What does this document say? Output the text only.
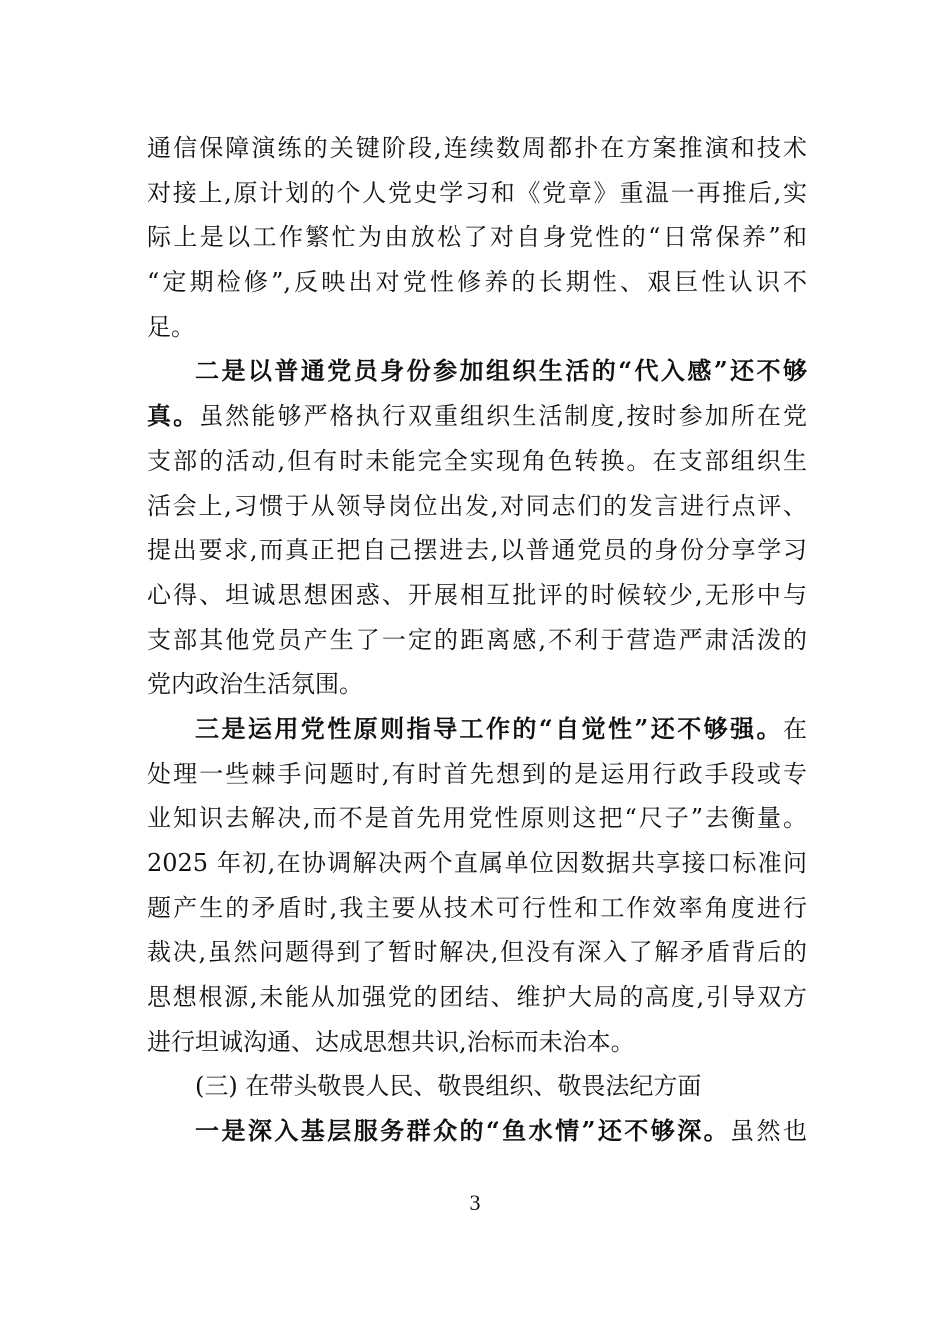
通信保障演练的关键阶段,连续数周都扑在方案推演和技术
对接上,原计划的个人党史学习和《党章》重温一再推后,实
际上是以工作繁忙为由放松了对自身党性的“日常保养”和
“定期检修”,反映出对党性修养的长期性、艰巨性认识不
足。
二是以普通党员身份参加组织生活的“代入感”还不够
真。虽然能够严格执行双重组织生活制度,按时参加所在党
支部的活动,但有时未能完全实现角色转换。在支部组织生
活会上,习惯于从领导岗位出发,对同志们的发言进行点评、
提出要求,而真正把自己摆进去,以普通党员的身份分享学习
心得、坦诚思想困惑、开展相互批评的时候较少,无形中与
支部其他党员产生了一定的距离感,不利于营造严肃活泼的
党内政治生活氛围。
三是运用党性原则指导工作的“自觉性”还不够强。在
处理一些棘手问题时,有时首先想到的是运用行政手段或专
业知识去解决,而不是首先用党性原则这把“尺子”去衡量。
2025 年初,在协调解决两个直属单位因数据共享接口标准问
题产生的矛盾时,我主要从技术可行性和工作效率角度进行
裁决,虽然问题得到了暂时解决,但没有深入了解矛盾背后的
思想根源,未能从加强党的团结、维护大局的高度,引导双方
进行坦诚沟通、达成思想共识,治标而未治本。
(三) 在带头敬畏人民、敬畏组织、敬畏法纪方面
一是深入基层服务群众的“鱼水情”还不够深。虽然也
3
